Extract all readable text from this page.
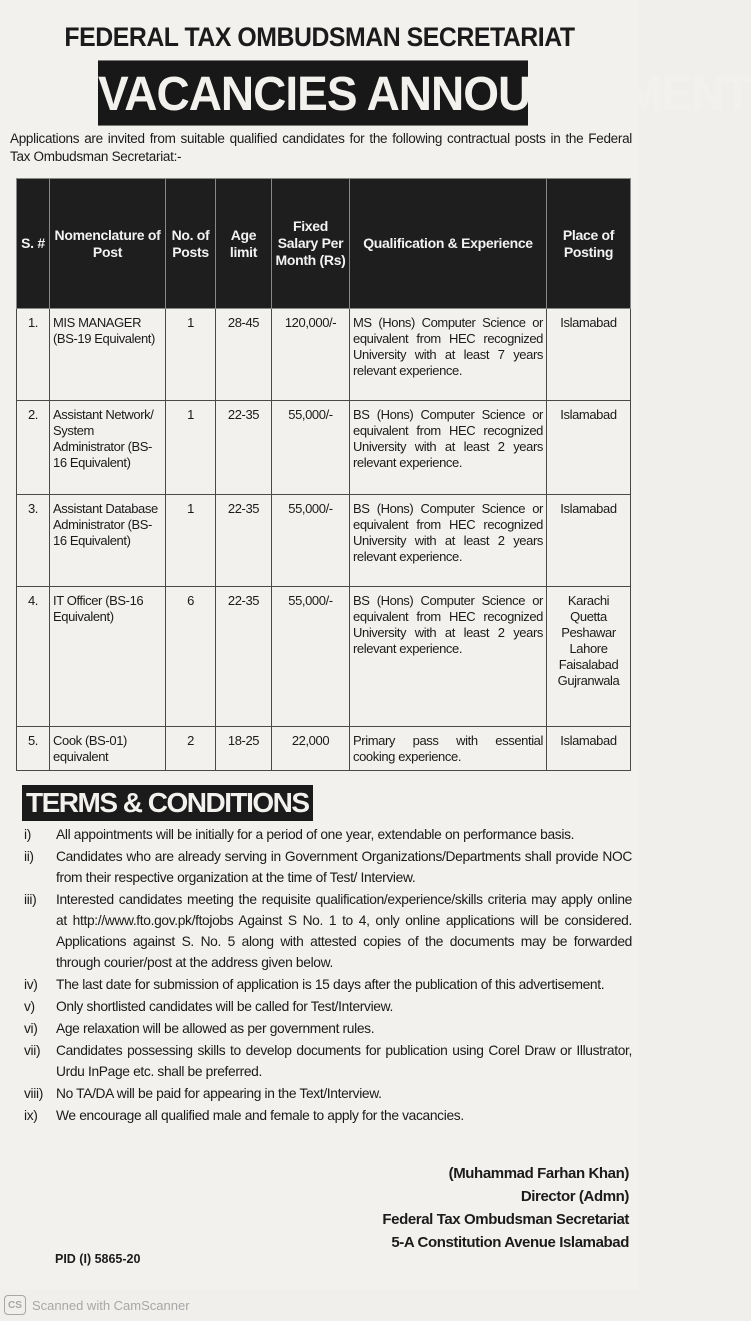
FEDERAL TAX OMBUDSMAN SECRETARIAT
VACANCIES ANNOUNCEMENT
Applications are invited from suitable qualified candidates for the following contractual posts in the Federal Tax Ombudsman Secretariat:-
S. #	Nomenclature of Post	No. of Posts	Age limit	Fixed Salary Per Month (Rs)	Qualification & Experience	Place of Posting
1.	MIS MANAGER (BS-19 Equivalent)	1	28-45	120,000/-	MS (Hons) Computer Science or equivalent from HEC recognized University with at least 7 years relevant experience.	Islamabad
2.	Assistant Network/ System Administrator (BS-16 Equivalent)	1	22-35	55,000/-	BS (Hons) Computer Science or equivalent from HEC recognized University with at least 2 years relevant experience.	Islamabad
3.	Assistant Database Administrator (BS-16 Equivalent)	1	22-35	55,000/-	BS (Hons) Computer Science or equivalent from HEC recognized University with at least 2 years relevant experience.	Islamabad
4.	IT Officer (BS-16 Equivalent)	6	22-35	55,000/-	BS (Hons) Computer Science or equivalent from HEC recognized University with at least 2 years relevant experience.	Karachi Quetta Peshawar Lahore Faisalabad Gujranwala
5.	Cook (BS-01) equivalent	2	18-25	22,000	Primary pass with essential cooking experience.	Islamabad
TERMS & CONDITIONS
i)	All appointments will be initially for a period of one year, extendable on performance basis.
ii)	Candidates who are already serving in Government Organizations/Departments shall provide NOC from their respective organization at the time of Test/ Interview.
iii)	Interested candidates meeting the requisite qualification/experience/skills criteria may apply online at http://www.fto.gov.pk/ftojobs Against S No. 1 to 4, only online applications will be considered. Applications against S. No. 5 along with attested copies of the documents may be forwarded through courier/post at the address given below.
iv)	The last date for submission of application is 15 days after the publication of this advertisement.
v)	Only shortlisted candidates will be called for Test/Interview.
vi)	Age relaxation will be allowed as per government rules.
vii)	Candidates possessing skills to develop documents for publication using Corel Draw or Illustrator, Urdu InPage etc. shall be preferred.
viii) No TA/DA will be paid for appearing in the Text/Interview.
ix)	We encourage all qualified male and female to apply for the vacancies.
(Muhammad Farhan Khan)
Director (Admn)
Federal Tax Ombudsman Secretariat
5-A Constitution Avenue Islamabad
PID (I) 5865-20
CS Scanned with CamScanner
